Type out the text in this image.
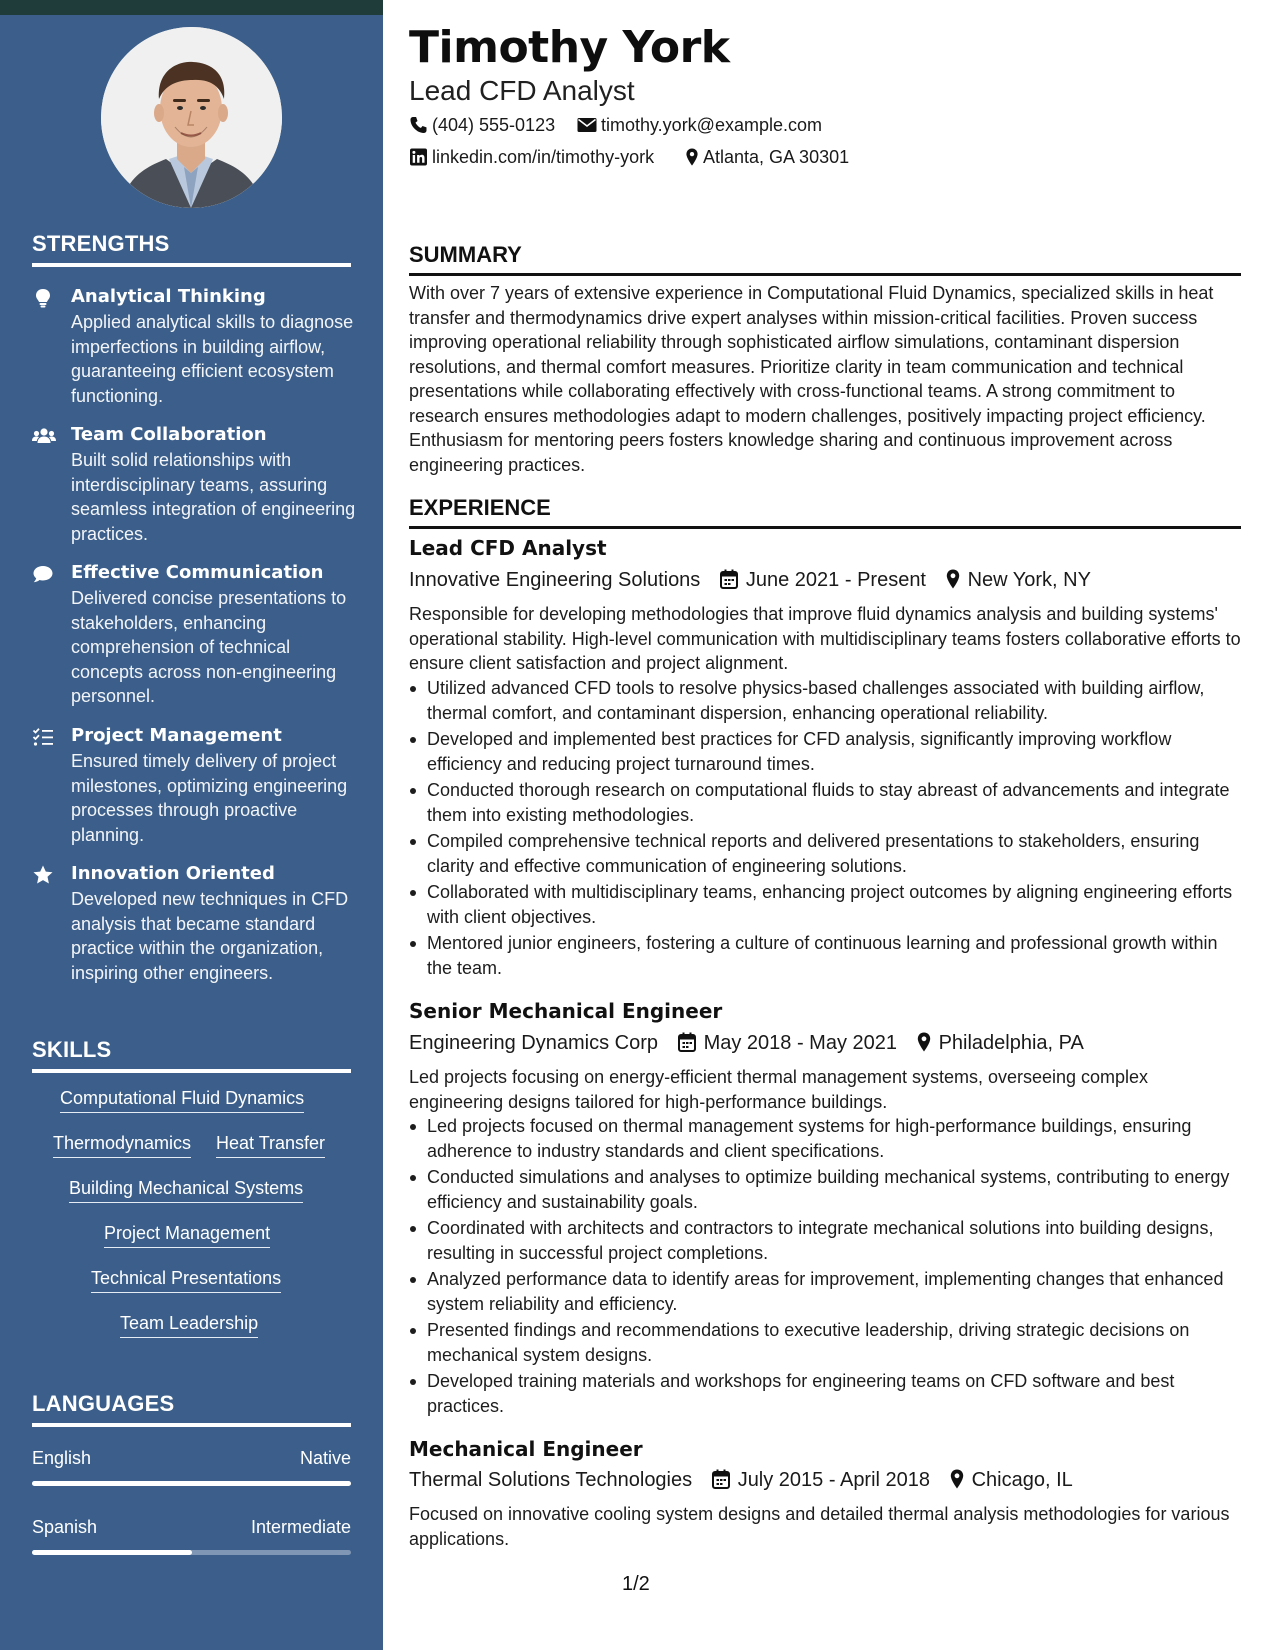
STRENGTHS
Analytical Thinking
Applied analytical skills to diagnose imperfections in building airflow, guaranteeing efficient ecosystem functioning.
Team Collaboration
Built solid relationships with interdisciplinary teams, assuring seamless integration of engineering practices.
Effective Communication
Delivered concise presentations to stakeholders, enhancing comprehension of technical concepts across non-engineering personnel.
Project Management
Ensured timely delivery of project milestones, optimizing engineering processes through proactive planning.
Innovation Oriented
Developed new techniques in CFD analysis that became standard practice within the organization, inspiring other engineers.
SKILLS
Computational Fluid Dynamics
Thermodynamics Heat Transfer
Building Mechanical Systems
Project Management
Technical Presentations
Team Leadership
LANGUAGES
English	Native
Spanish	Intermediate
Timothy York
Lead CFD Analyst
(404) 555-0123	timothy.york@example.com
linkedin.com/in/timothy-york	Atlanta, GA 30301
SUMMARY
With over 7 years of extensive experience in Computational Fluid Dynamics, specialized skills in heat transfer and thermodynamics drive expert analyses within mission-critical facilities. Proven success improving operational reliability through sophisticated airflow simulations, contaminant dispersion resolutions, and thermal comfort measures. Prioritize clarity in team communication and technical presentations while collaborating effectively with cross-functional teams. A strong commitment to research ensures methodologies adapt to modern challenges, positively impacting project efficiency. Enthusiasm for mentoring peers fosters knowledge sharing and continuous improvement across engineering practices.
EXPERIENCE
Lead CFD Analyst
Innovative Engineering Solutions June 2021 - Present New York, NY
Responsible for developing methodologies that improve fluid dynamics analysis and building systems' operational stability. High-level communication with multidisciplinary teams fosters collaborative efforts to ensure client satisfaction and project alignment.
Utilized advanced CFD tools to resolve physics-based challenges associated with building airflow, thermal comfort, and contaminant dispersion, enhancing operational reliability.
Developed and implemented best practices for CFD analysis, significantly improving workflow efficiency and reducing project turnaround times.
Conducted thorough research on computational fluids to stay abreast of advancements and integrate them into existing methodologies.
Compiled comprehensive technical reports and delivered presentations to stakeholders, ensuring clarity and effective communication of engineering solutions.
Collaborated with multidisciplinary teams, enhancing project outcomes by aligning engineering efforts with client objectives.
Mentored junior engineers, fostering a culture of continuous learning and professional growth within the team.
Senior Mechanical Engineer
Engineering Dynamics Corp May 2018 - May 2021 Philadelphia, PA
Led projects focusing on energy-efficient thermal management systems, overseeing complex engineering designs tailored for high-performance buildings.
Led projects focused on thermal management systems for high-performance buildings, ensuring adherence to industry standards and client specifications.
Conducted simulations and analyses to optimize building mechanical systems, contributing to energy efficiency and sustainability goals.
Coordinated with architects and contractors to integrate mechanical solutions into building designs, resulting in successful project completions.
Analyzed performance data to identify areas for improvement, implementing changes that enhanced system reliability and efficiency.
Presented findings and recommendations to executive leadership, driving strategic decisions on mechanical system designs.
Developed training materials and workshops for engineering teams on CFD software and best practices.
Mechanical Engineer
Thermal Solutions Technologies July 2015 - April 2018 Chicago, IL
Focused on innovative cooling system designs and detailed thermal analysis methodologies for various applications.
1/2
